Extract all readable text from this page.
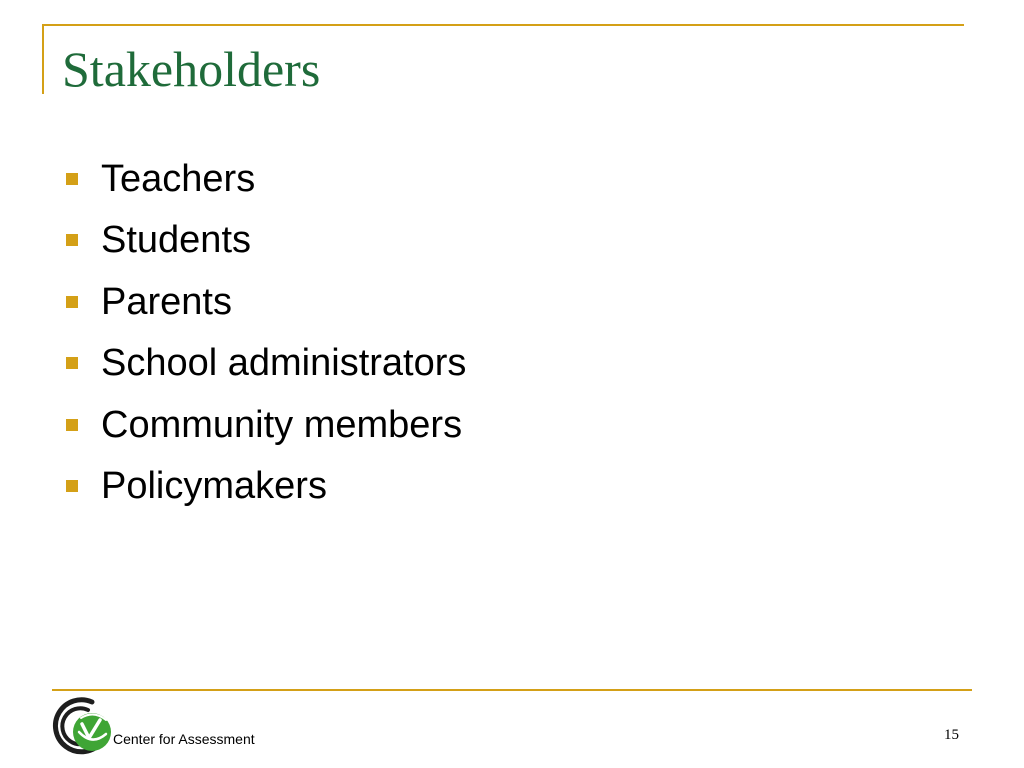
Stakeholders
Teachers
Students
Parents
School administrators
Community members
Policymakers
Center for Assessment	15
